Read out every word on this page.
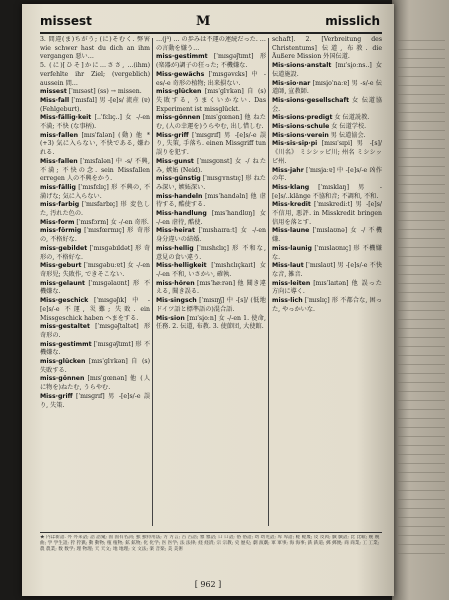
missest	M	misslich

3. 間違(ま)ちがう; (に)そむく. 弊害 wie schwer hast du dich an ihm vergangen 悪い…

5. (に)[ひそ]かに…ささ, ...(ihm) verfehlte ihr Ziel; (vergeblich) aussein 間…

missest [ˈmɪsəst] (ss) → missen.

Miss·fall [ˈmɪsfal] 男 -[e]s/ 流産 (ɐ) (Fehlgeburt).

Miss·fällig·keit [..ˈfɛlɪç..] 女 -/-en 不満; 不快 (な事柄).

miss·fallen [mɪsˈfalən] (動) 他 *(+3) 気に入らない, 不快である, 嫌われる.

Miss·fallen [ˈmɪsfalən] 中 -s/ 不興, 不満; 不快の念. sein Missfallen erregen 人の不興をかう.

miss·fällig [ˈmɪsfɛlɪç] 形 不興の, 不満げな; 気に入らない.

miss·farbig [ˈmɪsfarbɪç] 形 変色した, 汚れた色の.

Miss·form [ˈmɪsfɔrm] 女 -/-en 奇形.

miss·förmig [ˈmɪsfœrmɪç] 形 奇形の, 不格好な.

miss·gebildet [ˈmɪsɡəbɪldət] 形 奇形の, 不格好な.

Miss·geburt [ˈmɪsɡəbuːɐt] 女 -/-en 奇形児; 失敗作, できそこない.

miss·gelaunt [ˈmɪsɡəlaʊnt] 形 不機嫌な.

Miss·geschick [ˈmɪsɡəʃɪk] 中 -[e]s/-e 不運, 災難; 失敗. ein Missgeschick haben へまをする.

miss·gestaltet [ˈmɪsɡəʃtaltət] 形 奇形の.

miss·gestimmt [ˈmɪsɡəʃtɪmt] 形 不機嫌な.

miss·glücken [mɪsˈɡlʏkən] 自 (s) 失敗する.

miss·gönnen [mɪsˈɡœnən] 他 (人に物を)ねたむ, うらやむ.

Miss·griff [ˈmɪsɡrɪf] 男 -[e]s/-e 誤り, 失策.

…(j³) … の歩みは不運の連続だった. …の言動を嫌う…

miss·gestimmt [ˈmɪsɡəʃtɪmt] 形 (楽器が)調子の狂った; 不機嫌な.

Miss·gewächs [ˈmɪsɡəvɛks] 中 -es/-e 奇形の植物; 出来損ない.

miss·glücken [mɪsˈɡlʏkən] 自 (s) 失敗する, うまくいかない. Das Experiment ist missglückt.

miss·gönnen [mɪsˈɡœnən] 他 ねたむ, (人の幸運を)うらやむ, 出し惜しむ.

Miss·griff [ˈmɪsɡrɪf] 男 -[e]s/-e 誤り, 失策, 手落ち. einen Missgriff tun 誤りを犯す.

Miss·gunst [ˈmɪsɡʊnst] 女 -/ ねたみ, 嫉妬 (Neid).

miss·günstig [ˈmɪsɡʏnstɪç] 形 ねたみ深い, 嫉妬深い.

miss·handeln [mɪsˈhandəln] 他 虐待する, 酷使する.

Miss·handlung [mɪsˈhandlʊŋ] 女 -/-en 虐待, 酷使.

Miss·heirat [ˈmɪshaɪraːt] 女 -/-en 身分違いの結婚.

miss·hellig [ˈmɪshɛlɪç] 形 不和な, 意見の食い違う.

Miss·helligkeit [ˈmɪshɛlɪçkaɪt] 女 -/-en 不和, いさかい, 確執.

miss·hören [mɪsˈhøːrən] 他 聞き違える, 聞き誤る.

Mis·singsch [ˈmɪsɪŋʃ] 中 -[s]/ (低地ドイツ語と標準語の)混合語.

Mis·sion [mɪˈsi̯oːn] 女 -/-en 1. 使命, 任務. 2. 伝道, 布教. 3. 使節団, 大使館.

schaft]. 2. [Verbreitung des Christentums] 伝道, 布教. die Äußere Mission 外国伝道.

Mis·sions·anstalt [mɪˈsi̯oːns..] 女 伝道施設.

Mis·sio·nar [mɪsi̯oˈnaːɐ] 男 -s/-e 伝道師, 宣教師.

Mis·sions·gesellschaft 女 伝道協会.

Mis·sions·predigt 女 伝道説教.

Mis·sions·schule 女 伝道学校.

Mis·sions·verein 男 伝道協会.

Mis·sis·sip·pi [mɪsɪˈsɪpi] 男 -[s]/ 《川名》 ミシシッピ川; 州名 ミシシッピ州.

Miss·jahr [ˈmɪsjaːɐ] 中 -[e]s/-e 凶作の年.

Miss·klang [ˈmɪsklaŋ] 男 -[e]s/..klänge 不協和音; 不調和, 不和.

Miss·kredit [ˈmɪskrediːt] 男 -[e]s/ 不信用, 悪評. in Misskredit bringen 信用を落とす.

Miss·laune [ˈmɪslaʊnə] 女 -/ 不機嫌.

miss·launig [ˈmɪslaʊnɪç] 形 不機嫌な.

Miss·laut [ˈmɪslaʊt] 男 -[e]s/-e 不快な音, 雑音.

miss·leiten [mɪsˈlaɪtən] 他 誤った方向に導く.

miss·lich [ˈmɪslɪç] 形 不都合な, 困った, やっかいな.

★ 内は新語. 外 外来語; 語 語彙; 固 固有名詞; 独 独特用法; 方 方言; 古 古語; 雅 雅語; 口 口語; 俗 俗語; 幼 幼児語; 卑 卑語; 軽 軽蔑; 皮 皮肉; 戯 戯語; 比 比喩; 婉 婉曲; 学 学生語; 狩 狩猟; 動 動物; 植 植物; 鉱 鉱物; 化 化学; 医 医学; 法 法律; 経 経済; 宗 宗教; 史 歴史; 劇 演劇; 軍 軍事; 海 海事; 鉄 鉄道; 郵 郵便; 商 商業; 工 工業; 農 農業; 数 数学; 理 物理; 天 天文; 地 地理; 文 文法; 楽 音楽; 美 美術
[ 962 ]
